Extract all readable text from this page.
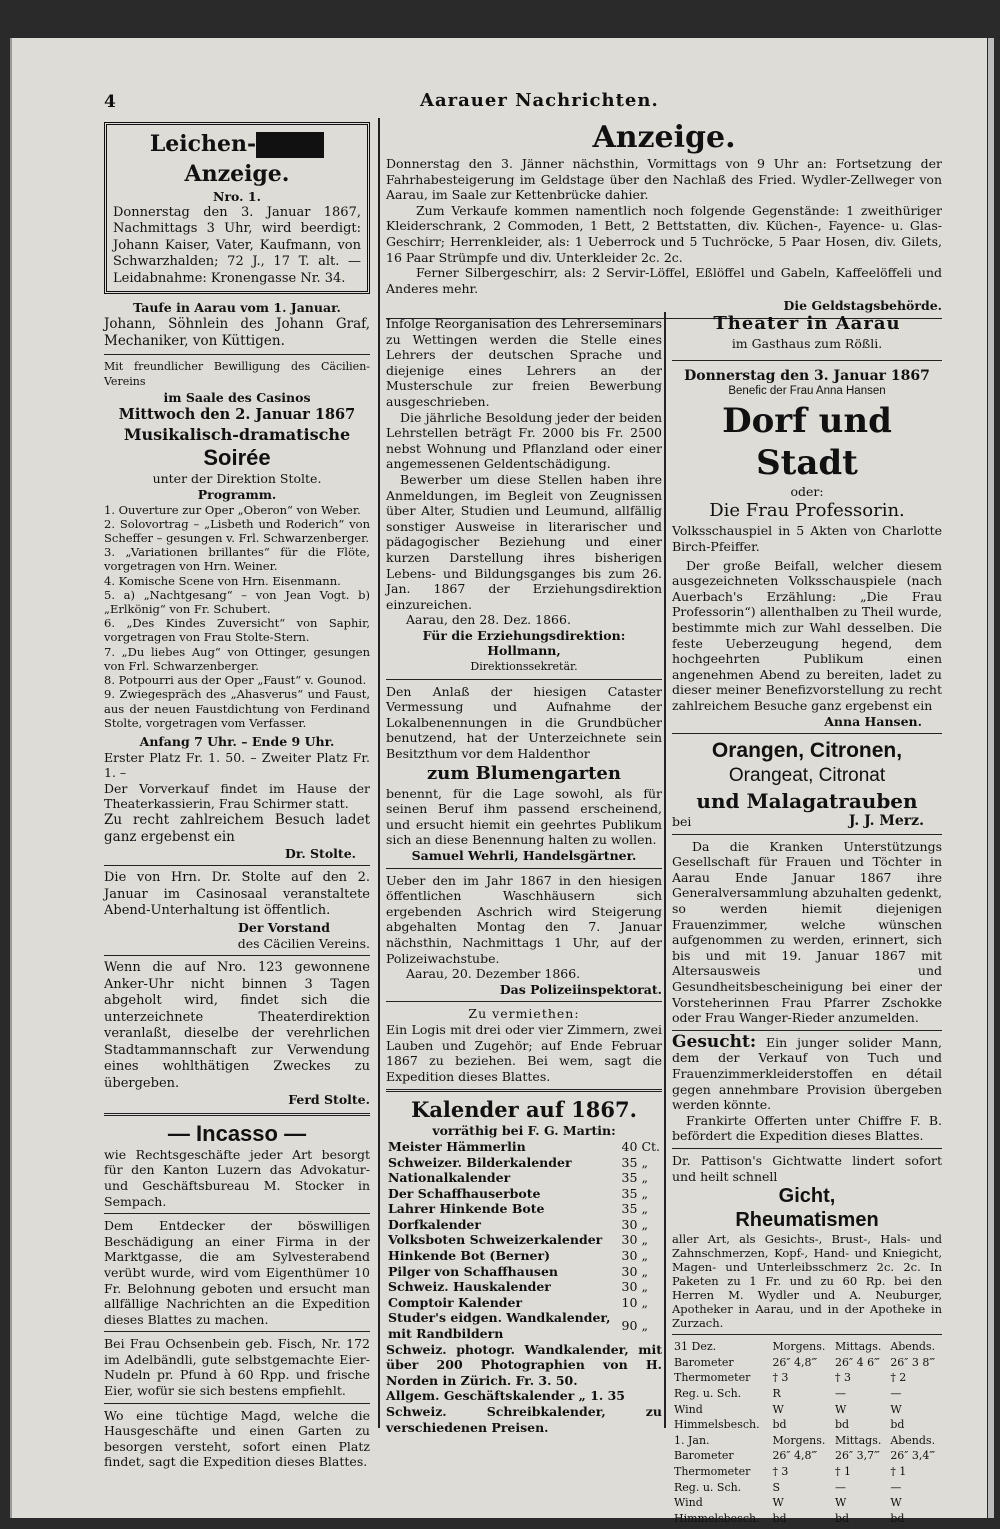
4	Aarauer Nachrichten.
Leichen-Anzeige.
Nro. 1.

Donnerstag den 3. Januar 1867, Nachmittags 3 Uhr, wird beerdigt: Johann Kaiser, Vater, Kaufmann, von Schwarzhalden; 72 J., 17 T. alt. — Leidabnahme: Kronengasse Nr. 34.

Taufe in Aarau vom 1. Januar.

Johann, Söhnlein des Johann Graf, Mechaniker, von Küttigen.

Mit freundlicher Bewilligung des Cäcilien-Vereins

im Saale des Casinos
Mittwoch den 2. Januar 1867
Musikalisch-dramatische
Soirée
unter der Direktion Stolte.
Programm.

1. Ouverture zur Oper „Oberon“ von Weber.

2. Solovortrag – „Lisbeth und Roderich“ von Scheffer – gesungen v. Frl. Schwarzenberger.

3. „Variationen brillantes“ für die Flöte, vorgetragen von Hrn. Weiner.

4. Komische Scene von Hrn. Eisenmann.

5. a) „Nachtgesang“ – von Jean Vogt. b) „Erlkönig“ von Fr. Schubert.

6. „Des Kindes Zuversicht“ von Saphir, vorgetragen von Frau Stolte-Stern.

7. „Du liebes Aug“ von Ottinger, gesungen von Frl. Schwarzenberger.

8. Potpourri aus der Oper „Faust“ v. Gounod.

9. Zwiegespräch des „Ahasverus“ und Faust, aus der neuen Faustdichtung von Ferdinand Stolte, vorgetragen vom Verfasser.

Anfang 7 Uhr. – Ende 9 Uhr.

Erster Platz Fr. 1. 50. – Zweiter Platz Fr. 1. –

Der Vorverkauf findet im Hause der Theaterkassierin, Frau Schirmer statt.

Zu recht zahlreichem Besuch ladet ganz ergebenst ein

Dr. Stolte.

Die von Hrn. Dr. Stolte auf den 2. Januar im Casinosaal veranstaltete Abend-Unterhaltung ist öffentlich.

Der Vorstand
des Cäcilien Vereins.

Wenn die auf Nro. 123 gewonnene Anker-Uhr nicht binnen 3 Tagen abgeholt wird, findet sich die unterzeichnete Theaterdirektion veranlaßt, dieselbe der verehrlichen Stadtammannschaft zur Verwendung eines wohlthätigen Zweckes zu übergeben.

Ferd Stolte.
— Incasso —

wie Rechtsgeschäfte jeder Art besorgt für den Kanton Luzern das Advokatur- und Geschäftsbureau M. Stocker in Sempach.

Dem Entdecker der böswilligen Beschädigung an einer Firma in der Marktgasse, die am Sylvesterabend verübt wurde, wird vom Eigenthümer 10 Fr. Belohnung geboten und ersucht man allfällige Nachrichten an die Expedition dieses Blattes zu machen.

Bei Frau Ochsenbein geb. Fisch, Nr. 172 im Adelbändli, gute selbstgemachte Eier-Nudeln pr. Pfund à 60 Rpp. und frische Eier, wofür sie sich bestens empfiehlt.

Wo eine tüchtige Magd, welche die Hausgeschäfte und einen Garten zu besorgen versteht, sofort einen Platz findet, sagt die Expedition dieses Blattes.

Anzeige.

Donnerstag den 3. Jänner nächsthin, Vormittags von 9 Uhr an: Fortsetzung der Fahrhabesteigerung im Geldstage über den Nachlaß des Fried. Wydler-Zellweger von Aarau, im Saale zur Kettenbrücke dahier.

Zum Verkaufe kommen namentlich noch folgende Gegenstände: 1 zweithüriger Kleiderschrank, 2 Commoden, 1 Bett, 2 Bettstatten, div. Küchen-, Fayence- u. Glas-Geschirr; Herrenkleider, als: 1 Ueberrock und 5 Tuchröcke, 5 Paar Hosen, div. Gilets, 16 Paar Strümpfe und div. Unterkleider 2c. 2c.

Ferner Silbergeschirr, als: 2 Servir-Löffel, Eßlöffel und Gabeln, Kaffeelöffeli und Anderes mehr.

Die Geldstagsbehörde.

Infolge Reorganisation des Lehrerseminars zu Wettingen werden die Stelle eines Lehrers der deutschen Sprache und diejenige eines Lehrers an der Musterschule zur freien Bewerbung ausgeschrieben.

Die jährliche Besoldung jeder der beiden Lehrstellen beträgt Fr. 2000 bis Fr. 2500 nebst Wohnung und Pflanzland oder einer angemessenen Geldentschädigung.

Bewerber um diese Stellen haben ihre Anmeldungen, im Begleit von Zeugnissen über Alter, Studien und Leumund, allfällig sonstiger Ausweise in literarischer und pädagogischer Beziehung und einer kurzen Darstellung ihres bisherigen Lebens- und Bildungsganges bis zum 26. Jan. 1867 der Erziehungsdirektion einzureichen.

Aarau, den 28. Dez. 1866.
Für die Erziehungsdirektion:
Hollmann,
Direktionssekretär.

Den Anlaß der hiesigen Cataster Vermessung und Aufnahme der Lokalbenennungen in die Grundbücher benutzend, hat der Unterzeichnete sein Besitzthum vor dem Haldenthor

zum Blumengarten

benennt, für die Lage sowohl, als für seinen Beruf ihm passend erscheinend, und ersucht hiemit ein geehrtes Publikum sich an diese Benennung halten zu wollen.

Samuel Wehrli, Handelsgärtner.

Ueber den im Jahr 1867 in den hiesigen öffentlichen Waschhäusern sich ergebenden Aschrich wird Steigerung abgehalten Montag den 7. Januar nächsthin, Nachmittags 1 Uhr, auf der Polizeiwachstube.

Aarau, 20. Dezember 1866.
Das Polizeiinspektorat.
Zu vermiethen:

Ein Logis mit drei oder vier Zimmern, zwei Lauben und Zugehör; auf Ende Februar 1867 zu beziehen. Bei wem, sagt die Expedition dieses Blattes.

Kalender auf 1867.
vorräthig bei F. G. Martin:
Meister Hämmerlin	40	Ct.
Schweizer. Bilderkalender	35	„
Nationalkalender	35	„
Der Schaffhauserbote	35	„
Lahrer Hinkende Bote	35	„
Dorfkalender	30	„
Volksboten Schweizerkalender	30	„
Hinkende Bot (Berner)	30	„
Pilger von Schaffhausen	30	„
Schweiz. Hauskalender	30	„
Comptoir Kalender	10	„
Studer's eidgen. Wandkalender, mit Randbildern	90	„

Schweiz. photogr. Wandkalender, mit über 200 Photographien von H. Norden in Zürich. Fr. 3. 50.

Allgem. Geschäftskalender „ 1. 35

Schweiz. Schreibkalender, zu verschiedenen Preisen.

Theater in Aarau
im Gasthaus zum Rößli.
Donnerstag den 3. Januar 1867
Benefic der Frau Anna Hansen
Dorf und Stadt
oder:
Die Frau Professorin.

Volksschauspiel in 5 Akten von Charlotte Birch-Pfeiffer.

Der große Beifall, welcher diesem ausgezeichneten Volksschauspiele (nach Auerbach's Erzählung: „Die Frau Professorin“) allenthalben zu Theil wurde, bestimmte mich zur Wahl desselben. Die feste Ueberzeugung hegend, dem hochgeehrten Publikum einen angenehmen Abend zu bereiten, ladet zu dieser meiner Benefizvorstellung zu recht zahlreichem Besuche ganz ergebenst ein

Anna Hansen.
Orangen, Citronen,
Orangeat, Citronat
und Malagatrauben
bei	J. J. Merz.

Da die Kranken Unterstützungs Gesellschaft für Frauen und Töchter in Aarau Ende Januar 1867 ihre Generalversammlung abzuhalten gedenkt, so werden hiemit diejenigen Frauenzimmer, welche wünschen aufgenommen zu werden, erinnert, sich bis und mit 19. Januar 1867 mit Altersausweis und Gesundheitsbescheinigung bei einer der Vorsteherinnen Frau Pfarrer Zschokke oder Frau Wanger-Rieder anzumelden.

Gesucht: Ein junger solider Mann, dem der Verkauf von Tuch und Frauenzimmerkleiderstoffen en détail gegen annehmbare Provision übergeben werden könnte.

Frankirte Offerten unter Chiffre F. B. befördert die Expedition dieses Blattes.

Dr. Pattison's Gichtwatte lindert sofort und heilt schnell

Gicht,
Rheumatismen

aller Art, als Gesichts-, Brust-, Hals- und Zahnschmerzen, Kopf-, Hand- und Kniegicht, Magen- und Unterleibsschmerz 2c. 2c. In Paketen zu 1 Fr. und zu 60 Rp. bei den Herren M. Wydler und A. Neuburger, Apotheker in Aarau, und in der Apotheke in Zurzach.

31 Dez.	Morgens.	Mittags.	Abends.
Barometer	26″ 4,8‴	26″ 4 6‴	26″ 3 8‴
Thermometer	† 3	† 3	† 2
Reg. u. Sch.	R	—	—
Wind	W	W	W
Himmelsbesch.	bd	bd	bd
1. Jan.	Morgens.	Mittags.	Abends.
Barometer	26″ 4,8‴	26″ 3,7‴	26″ 3,4‴
Thermometer	† 3	† 1	† 1
Reg. u. Sch.	S	—	—
Wind	W	W	W
Himmelsbesch.	bd	bd	bd
